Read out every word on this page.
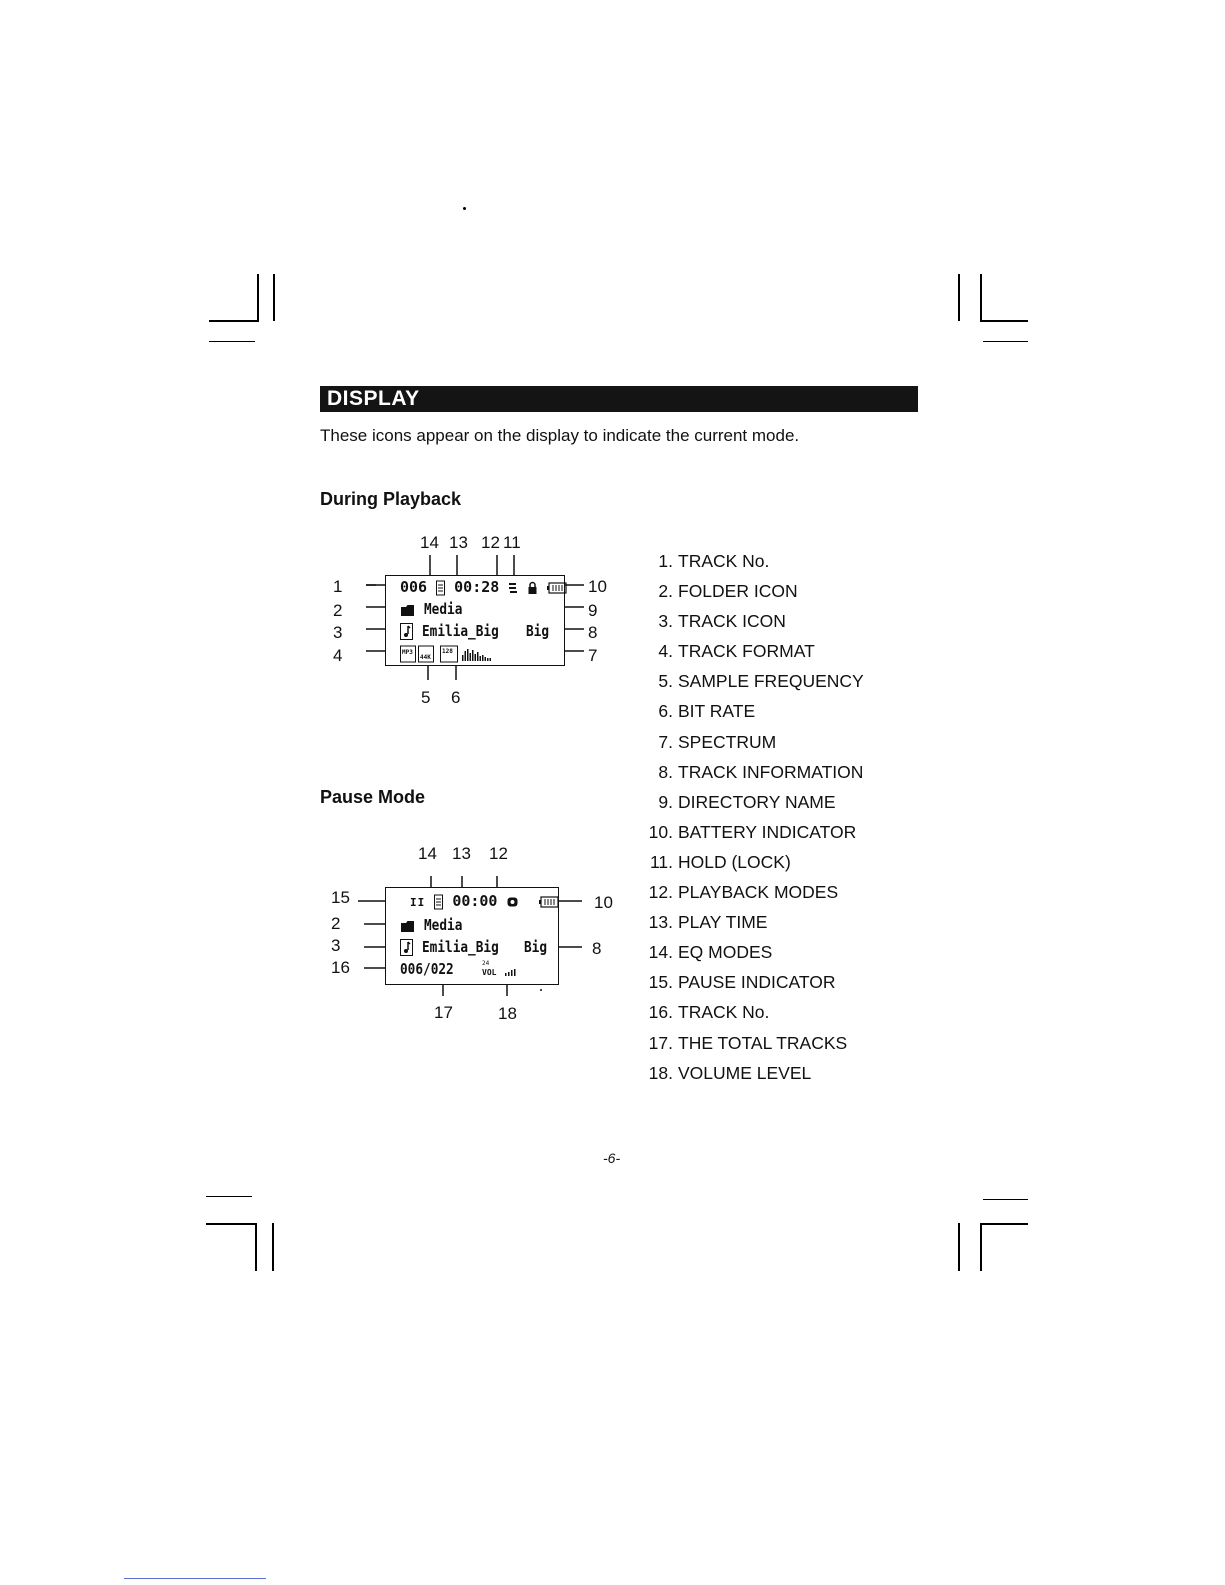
DISPLAY
These icons appear on the display to indicate the current mode.
During Playback
14 13 12 11
1
2
3
4
10
9
8
7
5 6
006 00:28
Media
Emilia_Big Big
MP3
44K
128
Pause Mode
14 13 12
15
2
3
16
10
8
17	18
II 00:00
Media
Emilia_Big Big
006/022	24
VOL
1. TRACK No.
2. FOLDER ICON
3. TRACK ICON
4. TRACK FORMAT
5. SAMPLE FREQUENCY
6. BIT RATE
7. SPECTRUM
8. TRACK INFORMATION
9. DIRECTORY NAME
10. BATTERY INDICATOR
11. HOLD (LOCK)
12. PLAYBACK MODES
13. PLAY TIME
14. EQ MODES
15. PAUSE INDICATOR
16. TRACK No.
17. THE TOTAL TRACKS
18. VOLUME LEVEL
-6-
